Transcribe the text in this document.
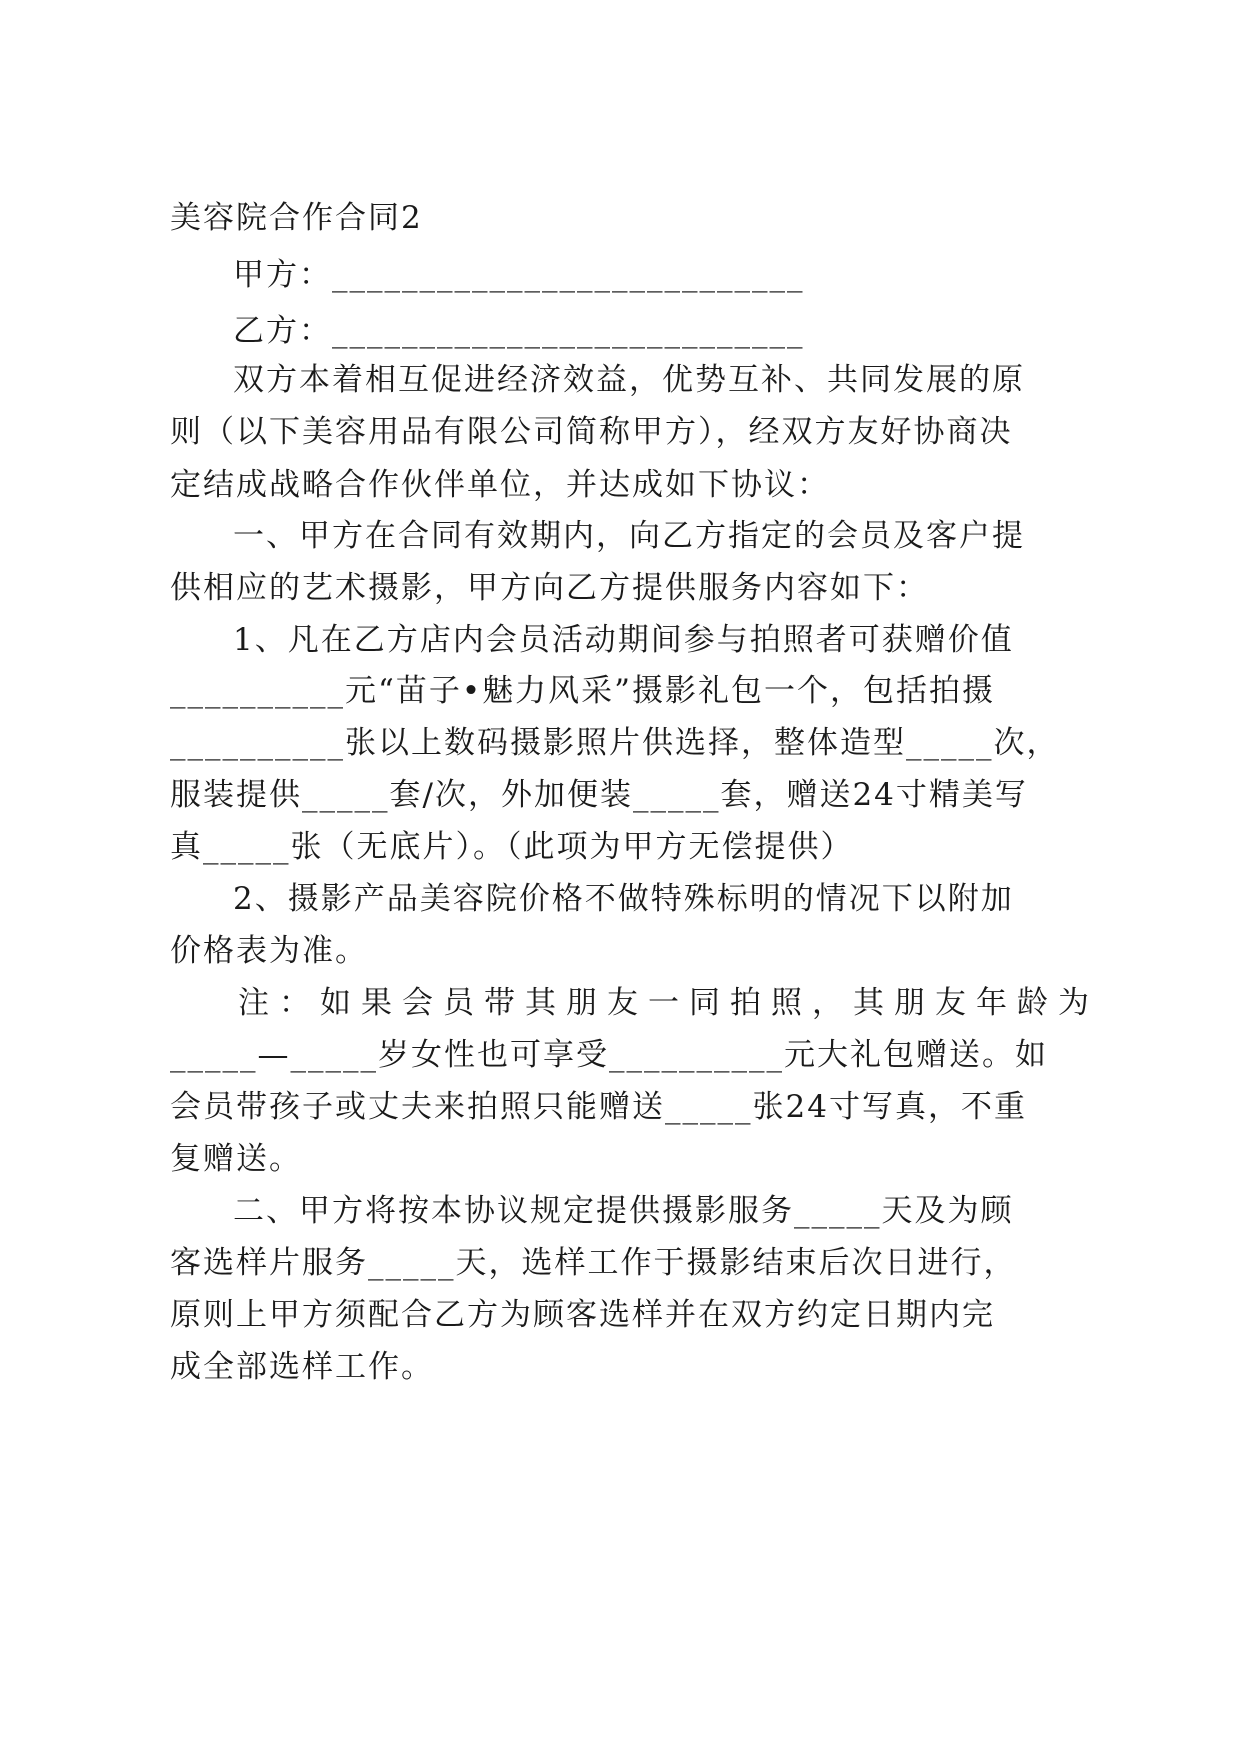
美容院合作合同2
甲方：___________________________
乙方：___________________________
双方本着相互促进经济效益，优势互补、共同发展的原
则（以下美容用品有限公司简称甲方），经双方友好协商决
定结成战略合作伙伴单位，并达成如下协议：
一、甲方在合同有效期内，向乙方指定的会员及客户提
供相应的艺术摄影，甲方向乙方提供服务内容如下：
1、凡在乙方店内会员活动期间参与拍照者可获赠价值
__________元“苗子•魅力风采”摄影礼包一个，包括拍摄
__________张以上数码摄影照片供选择，整体造型_____次，
服装提供_____套/次，外加便装_____套，赠送24寸精美写
真_____张（无底片）。（此项为甲方无偿提供）
2、摄影产品美容院价格不做特殊标明的情况下以附加
价格表为准。
注：如果会员带其朋友一同拍照，其朋友年龄为
_____—_____岁女性也可享受__________元大礼包赠送。如
会员带孩子或丈夫来拍照只能赠送_____张24寸写真，不重
复赠送。
二、甲方将按本协议规定提供摄影服务_____天及为顾
客选样片服务_____天，选样工作于摄影结束后次日进行，
原则上甲方须配合乙方为顾客选样并在双方约定日期内完
成全部选样工作。
